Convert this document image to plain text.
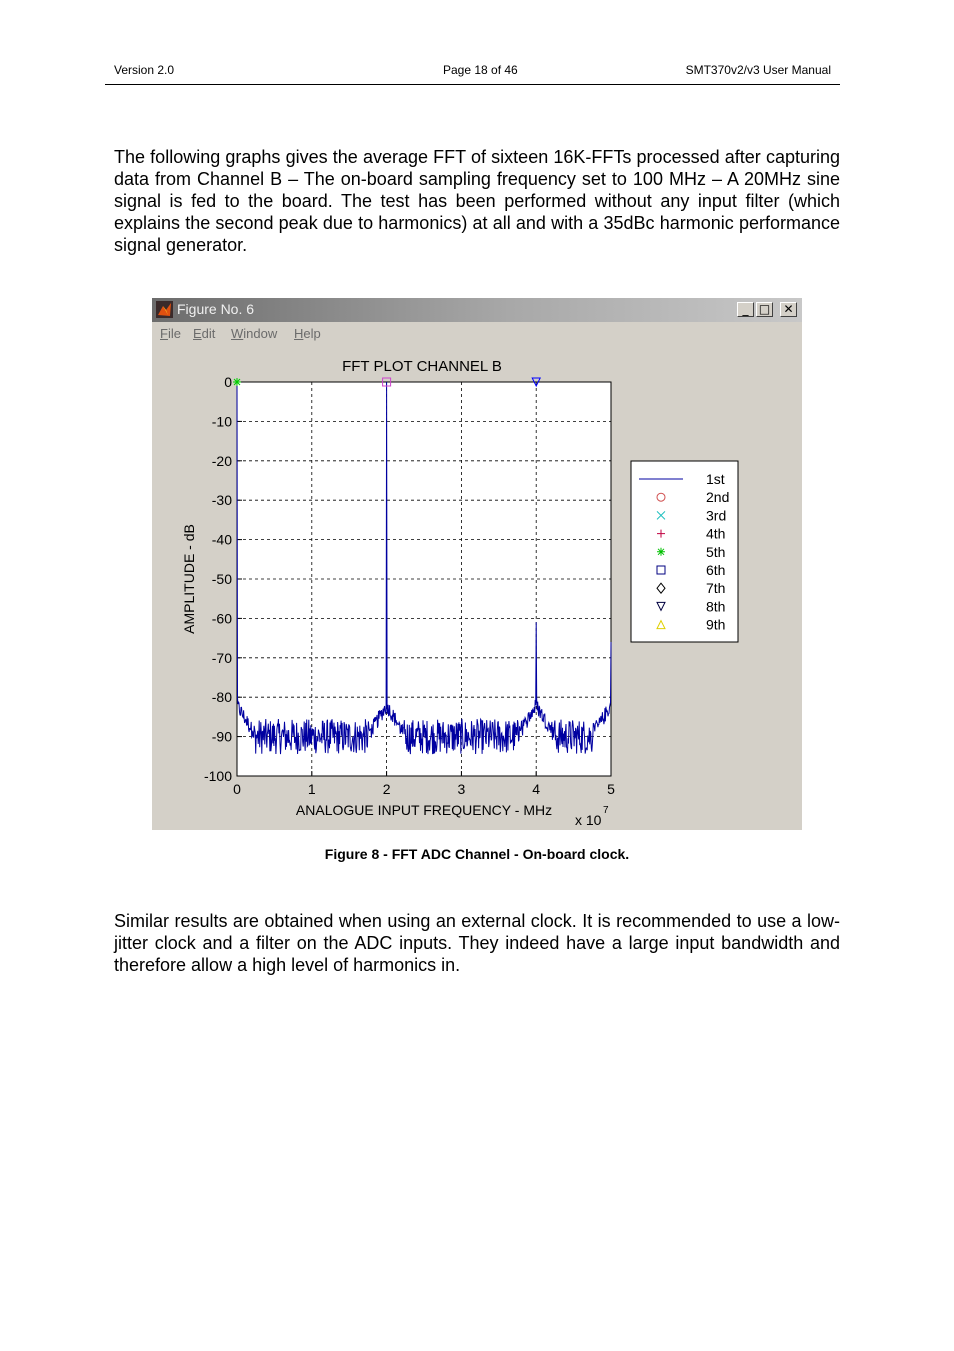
Version 2.0	Page 18 of 46	SMT370v2/v3 User Manual

The following graphs gives the average FFT of sixteen 16K-FFTs processed after capturing data from Channel B – The on-board sampling frequency set to 100 MHz – A 20MHz sine signal is fed to the board. The test has been performed without any input filter (which explains the second peak due to harmonics) at all and with a 35dBc harmonic performance signal generator.

Figure No. 6	_ □ ✕
File Edit Window Help
FFT PLOT CHANNEL B
0	1	2	3	4	5
0
-10
-20
-30
-40
-50
-60
-70
-80
-90
-100
ANALOGUE INPUT FREQUENCY - MHz
AMPLITUDE - dB
x 10
7
1st
2nd
3rd
4th
5th
6th
7th
8th
9th
Figure 8 - FFT ADC Channel - On-board clock.

Similar results are obtained when using an external clock. It is recommended to use a low-jitter clock and a filter on the ADC inputs. They indeed have a large input bandwidth and therefore allow a high level of harmonics in.
